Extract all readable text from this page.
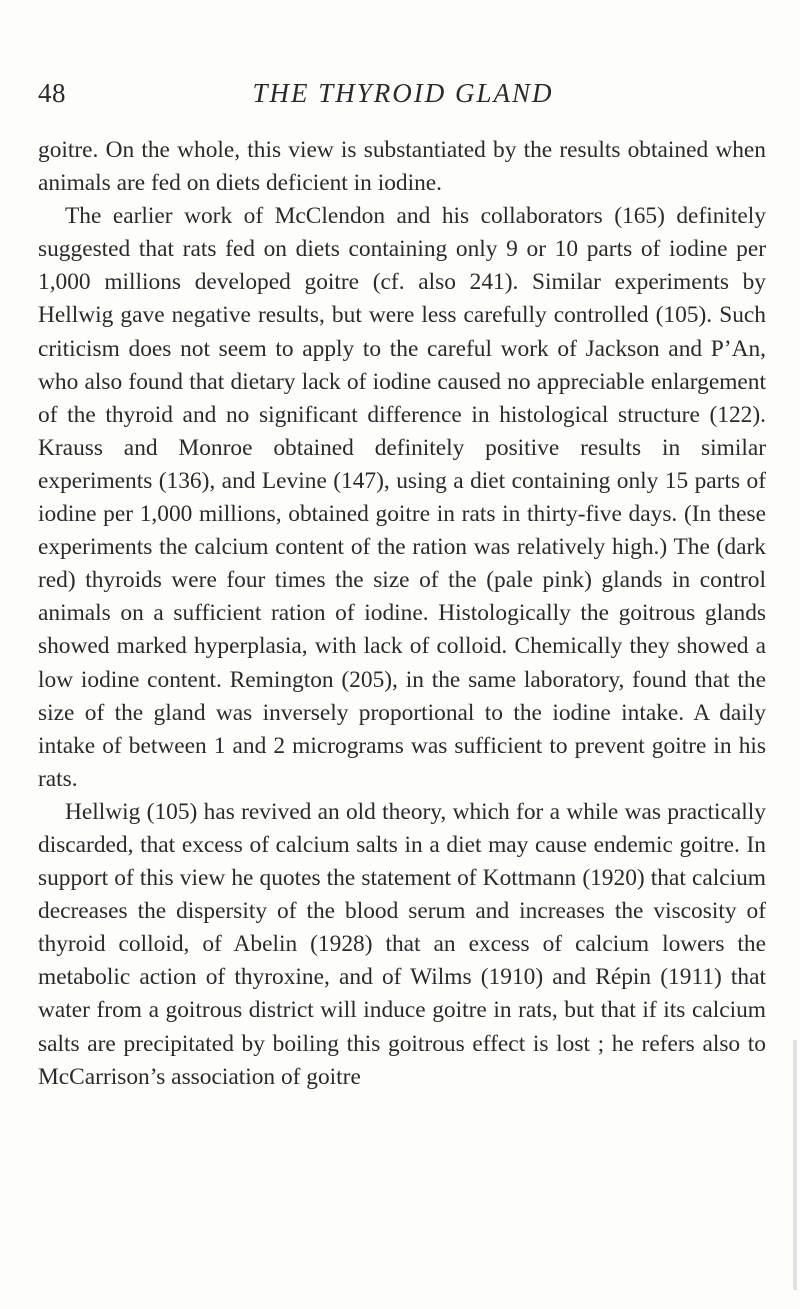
48	THE THYROID GLAND

goitre. On the whole, this view is substantiated by the results obtained when animals are fed on diets deficient in iodine.

The earlier work of McClendon and his collaborators (165) definitely suggested that rats fed on diets containing only 9 or 10 parts of iodine per 1,000 millions developed goitre (cf. also 241). Similar experiments by Hellwig gave negative results, but were less carefully controlled (105). Such criticism does not seem to apply to the careful work of Jackson and P’An, who also found that dietary lack of iodine caused no appreciable enlargement of the thyroid and no significant difference in histological structure (122). Krauss and Monroe obtained definitely positive results in similar experiments (136), and Levine (147), using a diet containing only 15 parts of iodine per 1,000 millions, obtained goitre in rats in thirty-five days. (In these experiments the calcium content of the ration was relatively high.) The (dark red) thyroids were four times the size of the (pale pink) glands in control animals on a sufficient ration of iodine. Histologically the goitrous glands showed marked hyperplasia, with lack of colloid. Chemically they showed a low iodine content. Remington (205), in the same laboratory, found that the size of the gland was inversely proportional to the iodine intake. A daily intake of between 1 and 2 micrograms was sufficient to prevent goitre in his rats.

Hellwig (105) has revived an old theory, which for a while was practically discarded, that excess of calcium salts in a diet may cause endemic goitre. In support of this view he quotes the statement of Kottmann (1920) that calcium decreases the dispersity of the blood serum and increases the viscosity of thyroid colloid, of Abelin (1928) that an excess of calcium lowers the metabolic action of thyroxine, and of Wilms (1910) and Répin (1911) that water from a goitrous district will induce goitre in rats, but that if its calcium salts are precipitated by boiling this goitrous effect is lost ; he refers also to McCarrison’s association of goitre
